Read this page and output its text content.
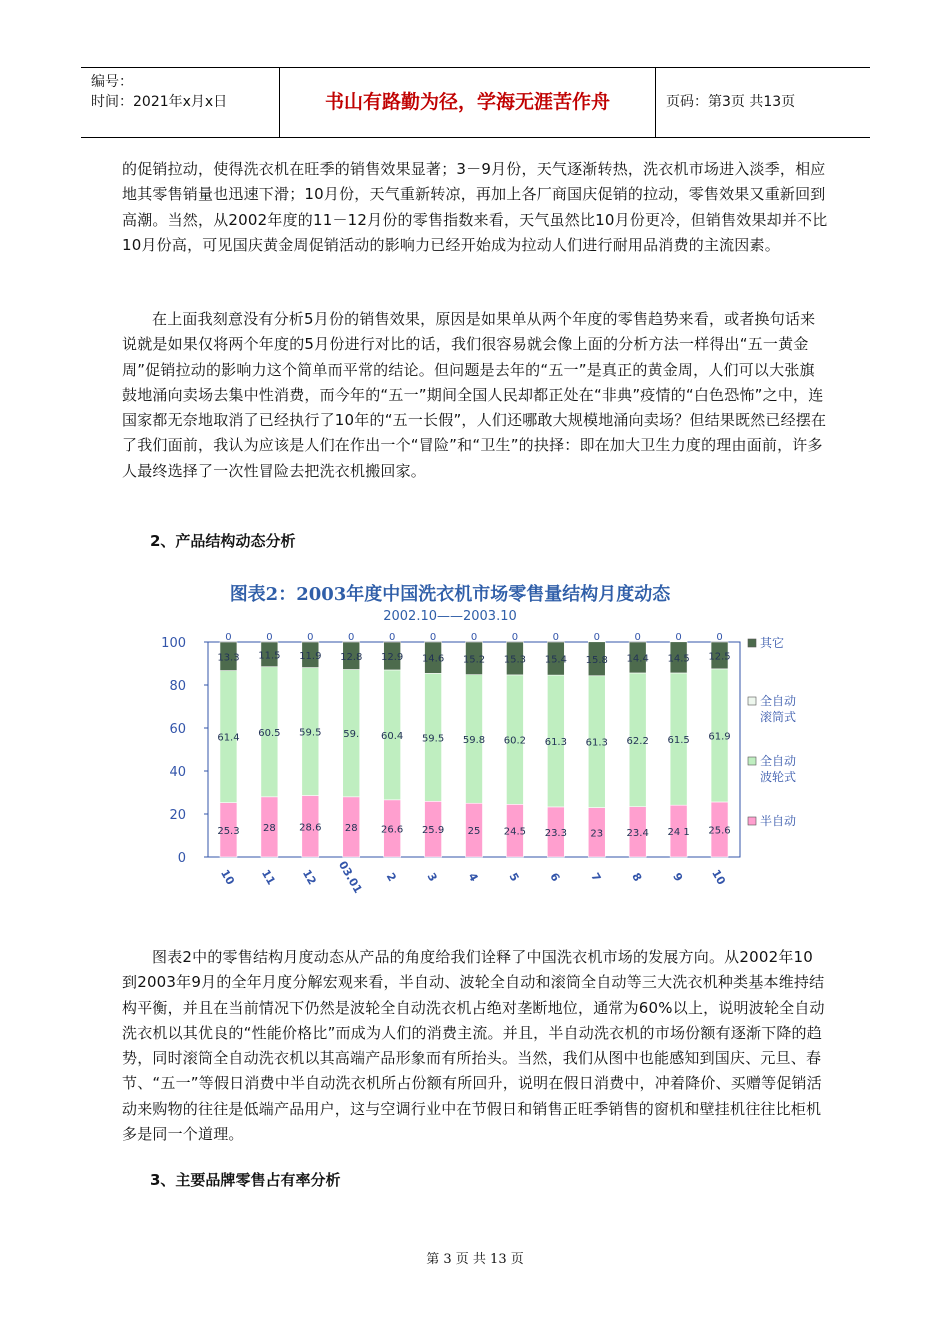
编号：
时间：2021年x月x日	书山有路勤为径，学海无涯苦作舟	页码：第3页 共13页

的促销拉动，使得洗衣机在旺季的销售效果显著；3－9月份，天气逐渐转热，洗衣机市场进入淡季，相应地其零售销量也迅速下滑；10月份，天气重新转凉，再加上各厂商国庆促销的拉动，零售效果又重新回到高潮。当然，从2002年度的11－12月份的零售指数来看，天气虽然比10月份更冷，但销售效果却并不比10月份高，可见国庆黄金周促销活动的影响力已经开始成为拉动人们进行耐用品消费的主流因素。

在上面我刻意没有分析5月份的销售效果，原因是如果单从两个年度的零售趋势来看，或者换句话来说就是如果仅将两个年度的5月份进行对比的话，我们很容易就会像上面的分析方法一样得出“五一黄金周”促销拉动的影响力这个简单而平常的结论。但问题是去年的“五一”是真正的黄金周，人们可以大张旗鼓地涌向卖场去集中性消费，而今年的“五一”期间全国人民却都正处在“非典”疫情的“白色恐怖”之中，连国家都无奈地取消了已经执行了10年的“五一长假”，人们还哪敢大规模地涌向卖场？但结果既然已经摆在了我们面前，我认为应该是人们在作出一个“冒险”和“卫生”的抉择：即在加大卫生力度的理由面前，许多人最终选择了一次性冒险去把洗衣机搬回家。

2、产品结构动态分析
图表2：2003年度中国洗衣机市场零售量结构月度动态
2002.10——2003.10
0
20
40
60
80
100
25.3
61.4
13.3
0
10
28
60.5
11.5
0
11
28.6
59.5
11.9
0
12
28
59.
12.8
0
03.01
26.6
60.4
12.9
0
2
25.9
59.5
14.6
0
3
25
59.8
15.2
0
4
24.5
60.2
15.3
0
5
23.3
61.3
15.4
0
6
23
61.3
15.8
0
7
23.4
62.2
14.4
0
8
24 1
61.5
14.5
0
9
25.6
61.9
12.5
0
10
其它
全自动
滚筒式
全自动
波轮式
半自动

图表2中的零售结构月度动态从产品的角度给我们诠释了中国洗衣机市场的发展方向。从2002年10到2003年9月的全年月度分解宏观来看，半自动、波轮全自动和滚筒全自动等三大洗衣机种类基本维持结构平衡，并且在当前情况下仍然是波轮全自动洗衣机占绝对垄断地位，通常为60%以上，说明波轮全自动洗衣机以其优良的“性能价格比”而成为人们的消费主流。并且，半自动洗衣机的市场份额有逐渐下降的趋势，同时滚筒全自动洗衣机以其高端产品形象而有所抬头。当然，我们从图中也能感知到国庆、元旦、春节、“五一”等假日消费中半自动洗衣机所占份额有所回升，说明在假日消费中，冲着降价、买赠等促销活动来购物的往往是低端产品用户，这与空调行业中在节假日和销售正旺季销售的窗机和壁挂机往往比柜机多是同一个道理。

3、主要品牌零售占有率分析
第 3 页 共 13 页
